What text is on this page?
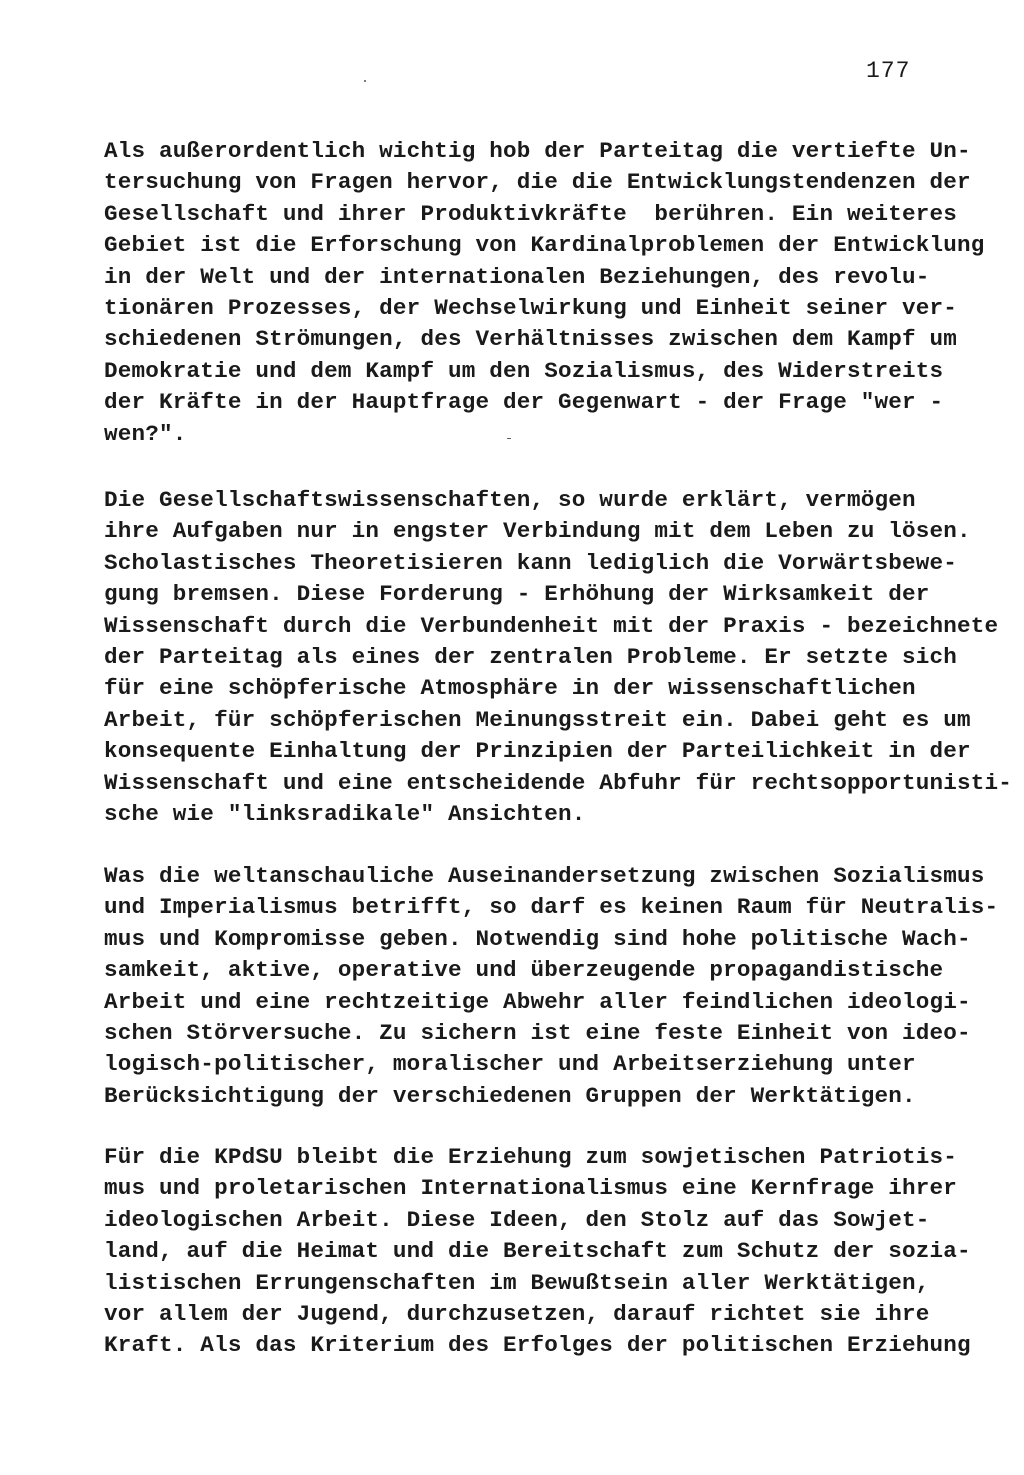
177
Als außerordentlich wichtig hob der Parteitag die vertiefte Un-
tersuchung von Fragen hervor, die die Entwicklungstendenzen der
Gesellschaft und ihrer Produktivkräfte  berühren. Ein weiteres
Gebiet ist die Erforschung von Kardinalproblemen der Entwicklung
in der Welt und der internationalen Beziehungen, des revolu-
tionären Prozesses, der Wechselwirkung und Einheit seiner ver-
schiedenen Strömungen, des Verhältnisses zwischen dem Kampf um
Demokratie und dem Kampf um den Sozialismus, des Widerstreits
der Kräfte in der Hauptfrage der Gegenwart - der Frage "wer -
wen?".
Die Gesellschaftswissenschaften, so wurde erklärt, vermögen
ihre Aufgaben nur in engster Verbindung mit dem Leben zu lösen.
Scholastisches Theoretisieren kann lediglich die Vorwärtsbewe-
gung bremsen. Diese Forderung - Erhöhung der Wirksamkeit der
Wissenschaft durch die Verbundenheit mit der Praxis - bezeichnete
der Parteitag als eines der zentralen Probleme. Er setzte sich
für eine schöpferische Atmosphäre in der wissenschaftlichen
Arbeit, für schöpferischen Meinungsstreit ein. Dabei geht es um
konsequente Einhaltung der Prinzipien der Parteilichkeit in der
Wissenschaft und eine entscheidende Abfuhr für rechtsopportunisti-
sche wie "linksradikale" Ansichten.
Was die weltanschauliche Auseinandersetzung zwischen Sozialismus
und Imperialismus betrifft, so darf es keinen Raum für Neutralis-
mus und Kompromisse geben. Notwendig sind hohe politische Wach-
samkeit, aktive, operative und überzeugende propagandistische
Arbeit und eine rechtzeitige Abwehr aller feindlichen ideologi-
schen Störversuche. Zu sichern ist eine feste Einheit von ideo-
logisch-politischer, moralischer und Arbeitserziehung unter
Berücksichtigung der verschiedenen Gruppen der Werktätigen.
Für die KPdSU bleibt die Erziehung zum sowjetischen Patriotis-
mus und proletarischen Internationalismus eine Kernfrage ihrer
ideologischen Arbeit. Diese Ideen, den Stolz auf das Sowjet-
land, auf die Heimat und die Bereitschaft zum Schutz der sozia-
listischen Errungenschaften im Bewußtsein aller Werktätigen,
vor allem der Jugend, durchzusetzen, darauf richtet sie ihre
Kraft. Als das Kriterium des Erfolges der politischen Erziehung
